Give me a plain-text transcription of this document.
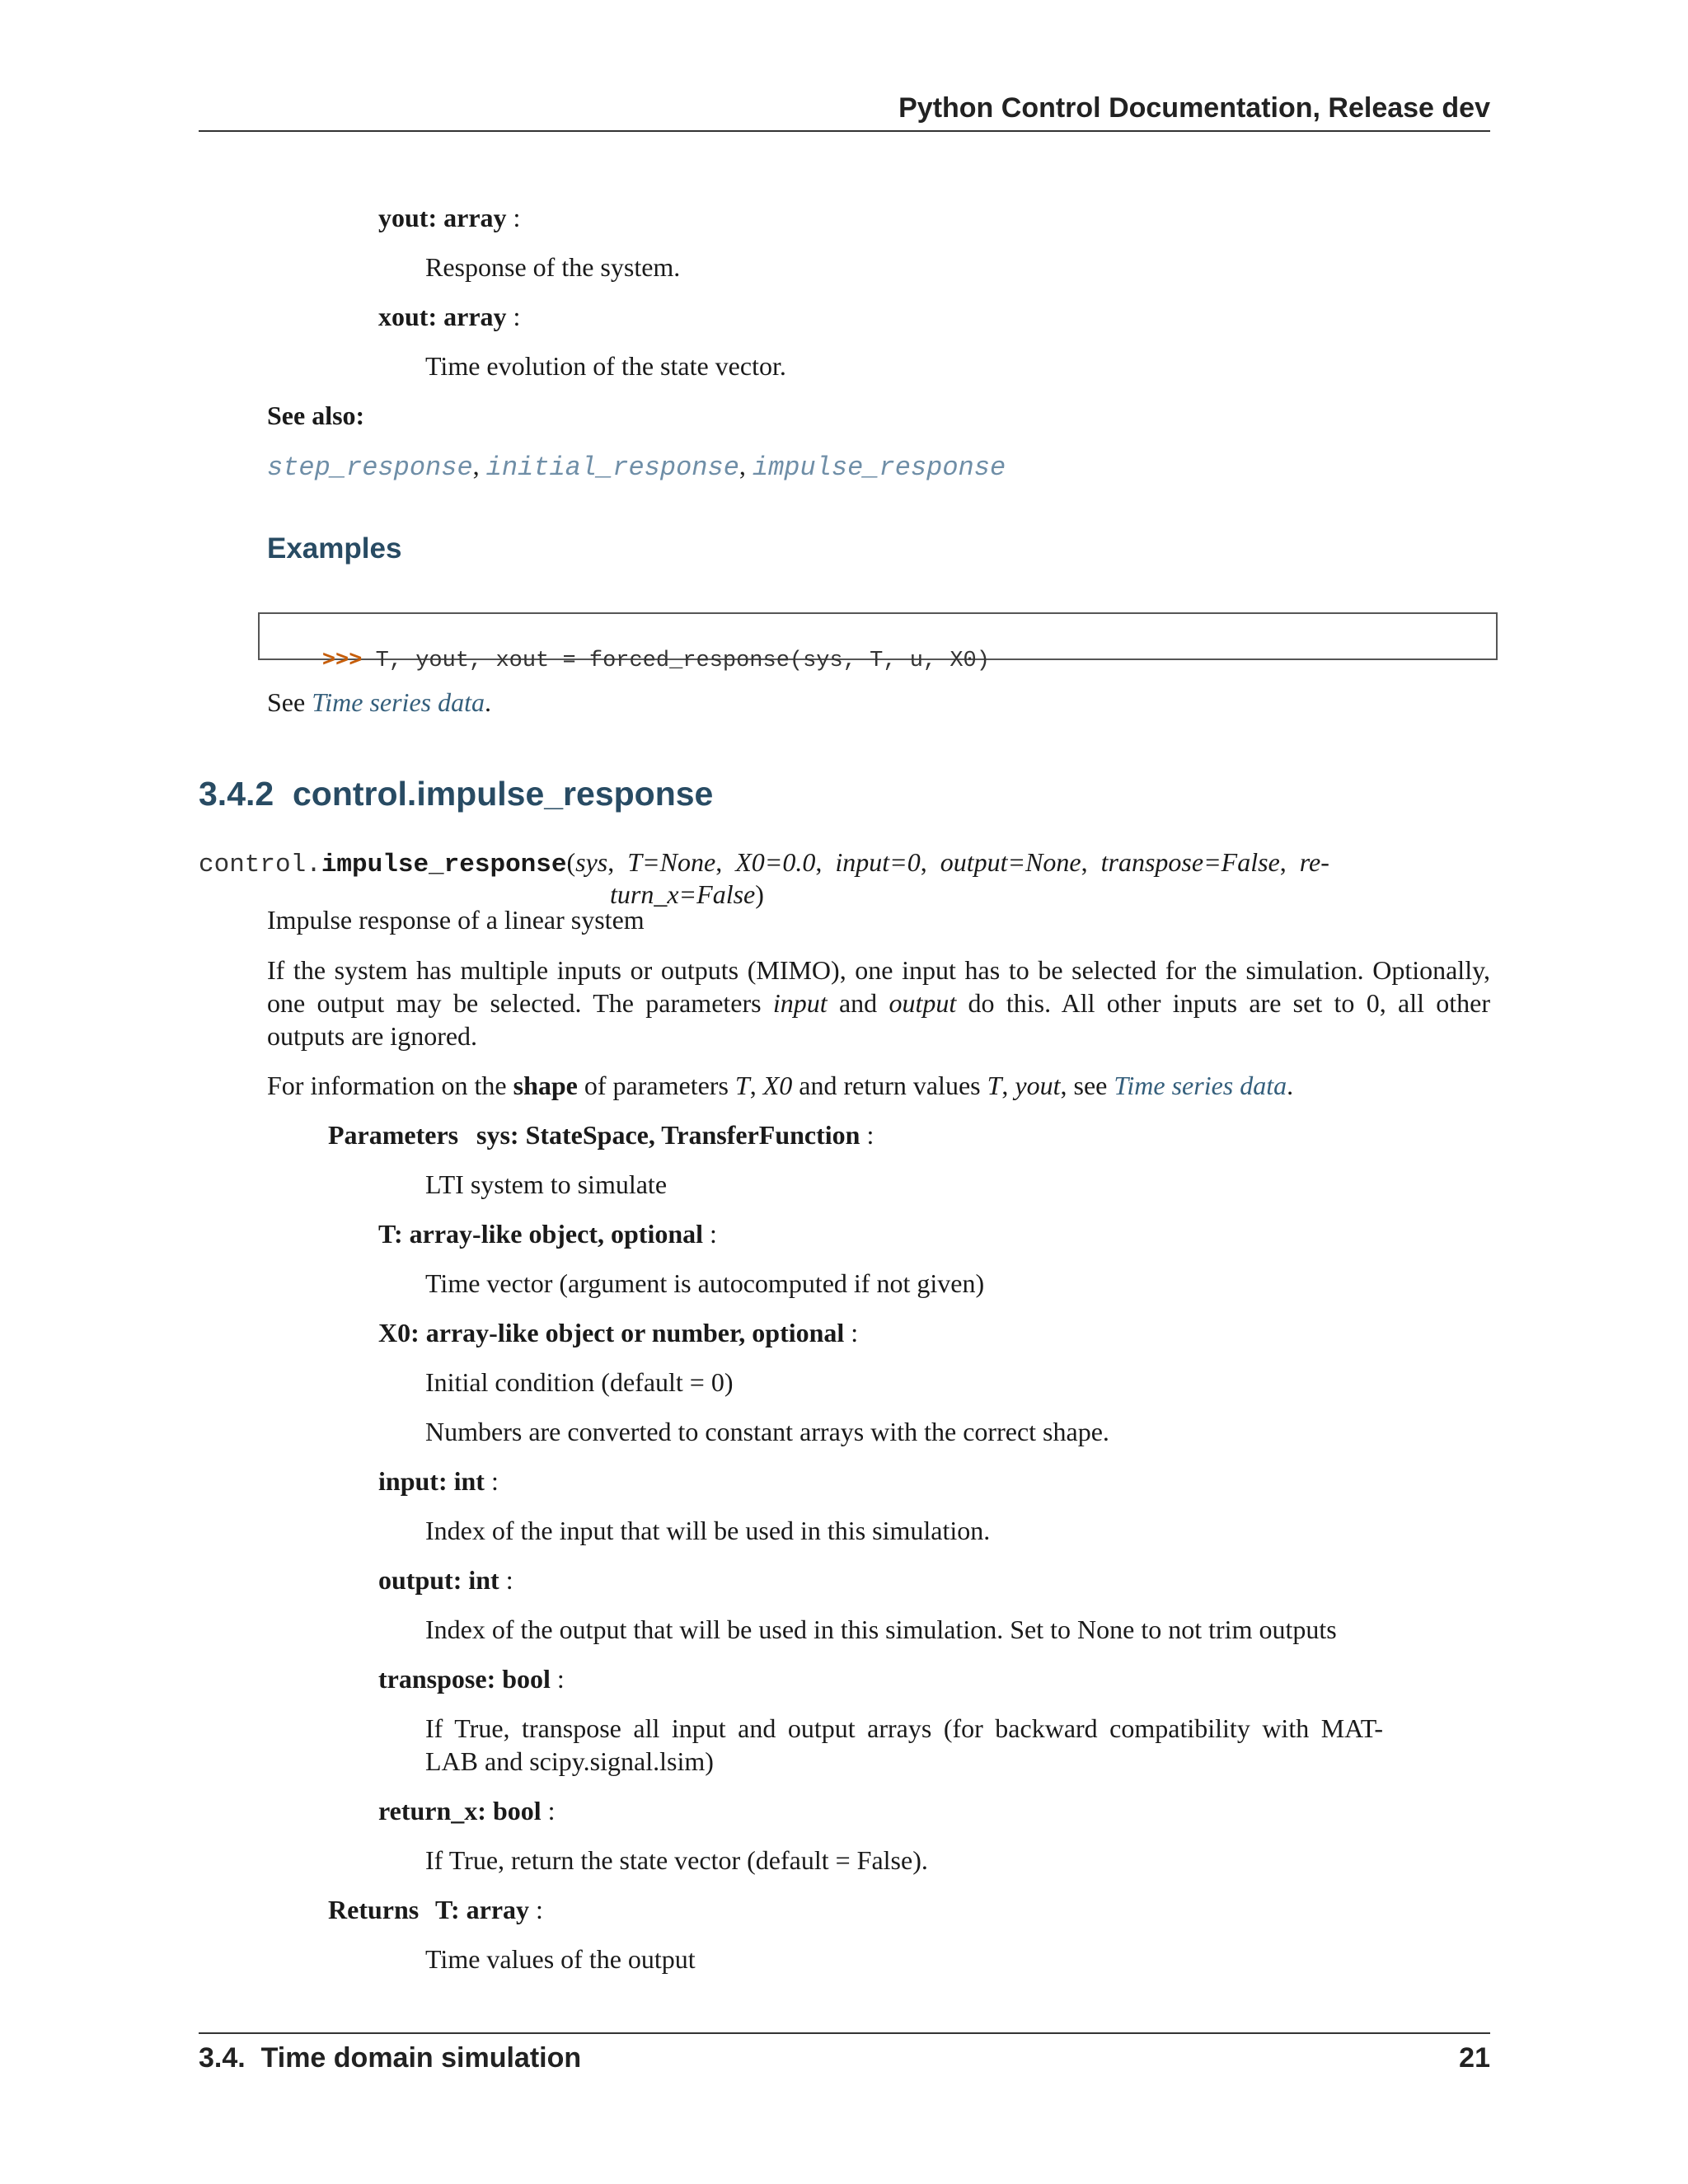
Python Control Documentation, Release dev
yout: array :
Response of the system.
xout: array :
Time evolution of the state vector.
See also:
step_response, initial_response, impulse_response
Examples

>>> T, yout, xout = forced_response(sys, T, u, X0)

See Time series data.
3.4.2 control.impulse_response
control.impulse_response(sys,  T=None,  X0=0.0,  input=0,  output=None,  transpose=False,  re-
turn_x=False)
Impulse response of a linear system
If the system has multiple inputs or outputs (MIMO), one input has to be selected for the simulation. Optionally,
one output may be selected. The parameters input and output do this. All other inputs are set to 0, all other
outputs are ignored.
For information on the shape of parameters T, X0 and return values T, yout, see Time series data.
Parameters sys: StateSpace, TransferFunction :
LTI system to simulate
T: array-like object, optional :
Time vector (argument is autocomputed if not given)
X0: array-like object or number, optional :
Initial condition (default = 0)
Numbers are converted to constant arrays with the correct shape.
input: int :
Index of the input that will be used in this simulation.
output: int :
Index of the output that will be used in this simulation. Set to None to not trim outputs
transpose: bool :
If True, transpose all input and output arrays (for backward compatibility with MAT-
LAB and scipy.signal.lsim)
return_x: bool :
If True, return the state vector (default = False).
Returns T: array :
Time values of the output
3.4.  Time domain simulation	21
